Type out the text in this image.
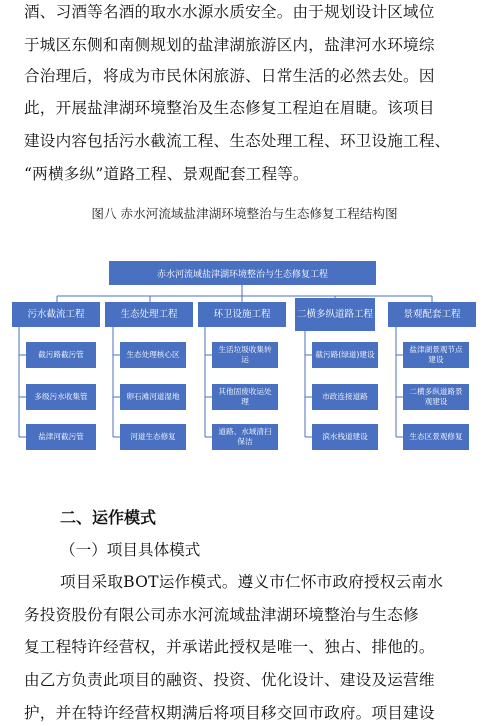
酒、习酒等名酒的取水水源水质安全。由于规划设计区域位
于城区东侧和南侧规划的盐津湖旅游区内，盐津河水环境综
合治理后，将成为市民休闲旅游、日常生活的必然去处。因
此，开展盐津湖环境整治及生态修复工程迫在眉睫。该项目
建设内容包括污水截流工程、生态处理工程、环卫设施工程、
“两横多纵”道路工程、景观配套工程等。
图八 赤水河流域盐津湖环境整治与生态修复工程结构图
赤水河流域盐津湖环境整治与生态修复工程
污水截流工程	生态处理工程	环卫设施工程	二横多纵道路工程	景观配套工程
截污路截污管
多级污水收集管
盐津河截污管
生态处理核心区
卵石滩河道湿地
河道生态修复
生活垃圾收集转运
其他固废收运处理
道路、水域清扫保洁
截污路(绿道)建设
市政连接道路
滨水栈道建设
盐津湖景观节点建设
二横多纵道路景观建设
生态区景观修复
二、运作模式
（一）项目具体模式
项目采取BOT运作模式。遵义市仁怀市政府授权云南水
务投资股份有限公司赤水河流域盐津湖环境整治与生态修
复工程特许经营权，并承诺此授权是唯一、独占、排他的。
由乙方负责此项目的融资、投资、优化设计、建设及运营维
护，并在特许经营权期满后将项目移交回市政府。项目建设
